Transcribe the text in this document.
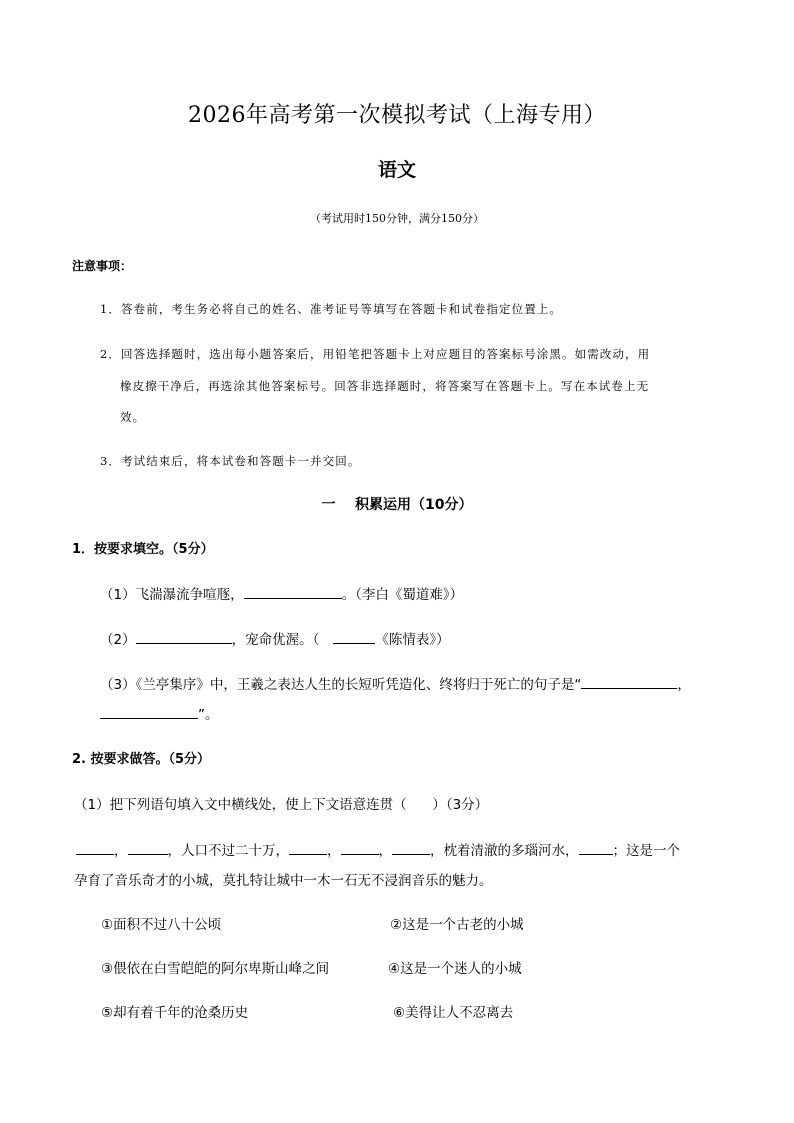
2026年高考第一次模拟考试（上海专用）
语文
（考试用时150分钟，满分150分）
注意事项：
1．答卷前，考生务必将自己的姓名、准考证号等填写在答题卡和试卷指定位置上。
2．回答选择题时，选出每小题答案后，用铅笔把答题卡上对应题目的答案标号涂黑。如需改动，用
橡皮擦干净后，再选涂其他答案标号。回答非选择题时，将答案写在答题卡上。写在本试卷上无
效。
3．考试结束后，将本试卷和答题卡一并交回。
一    积累运用（10分）
1．按要求填空。（5分）
（1）飞湍瀑流争喧豗，	。（李白《蜀道难》）
（2）	，宠命优渥。（	《陈情表》）
（3）《兰亭集序》中，王羲之表达人生的长短听凭造化、终将归于死亡的句子是“	，
”。
2. 按要求做答。（5分）
（1）把下列语句填入文中横线处，使上下文语意连贯（      ）（3分）
，	，人口不过二十万，	，	，	，枕着清澈的多瑙河水，	；这是一个
孕育了音乐奇才的小城，莫扎特让城中一木一石无不浸润音乐的魅力。
①面积不过八十公顷	②这是一个古老的小城
③偎依在白雪皑皑的阿尔卑斯山峰之间	④这是一个迷人的小城
⑤却有着千年的沧桑历史	⑥美得让人不忍离去
